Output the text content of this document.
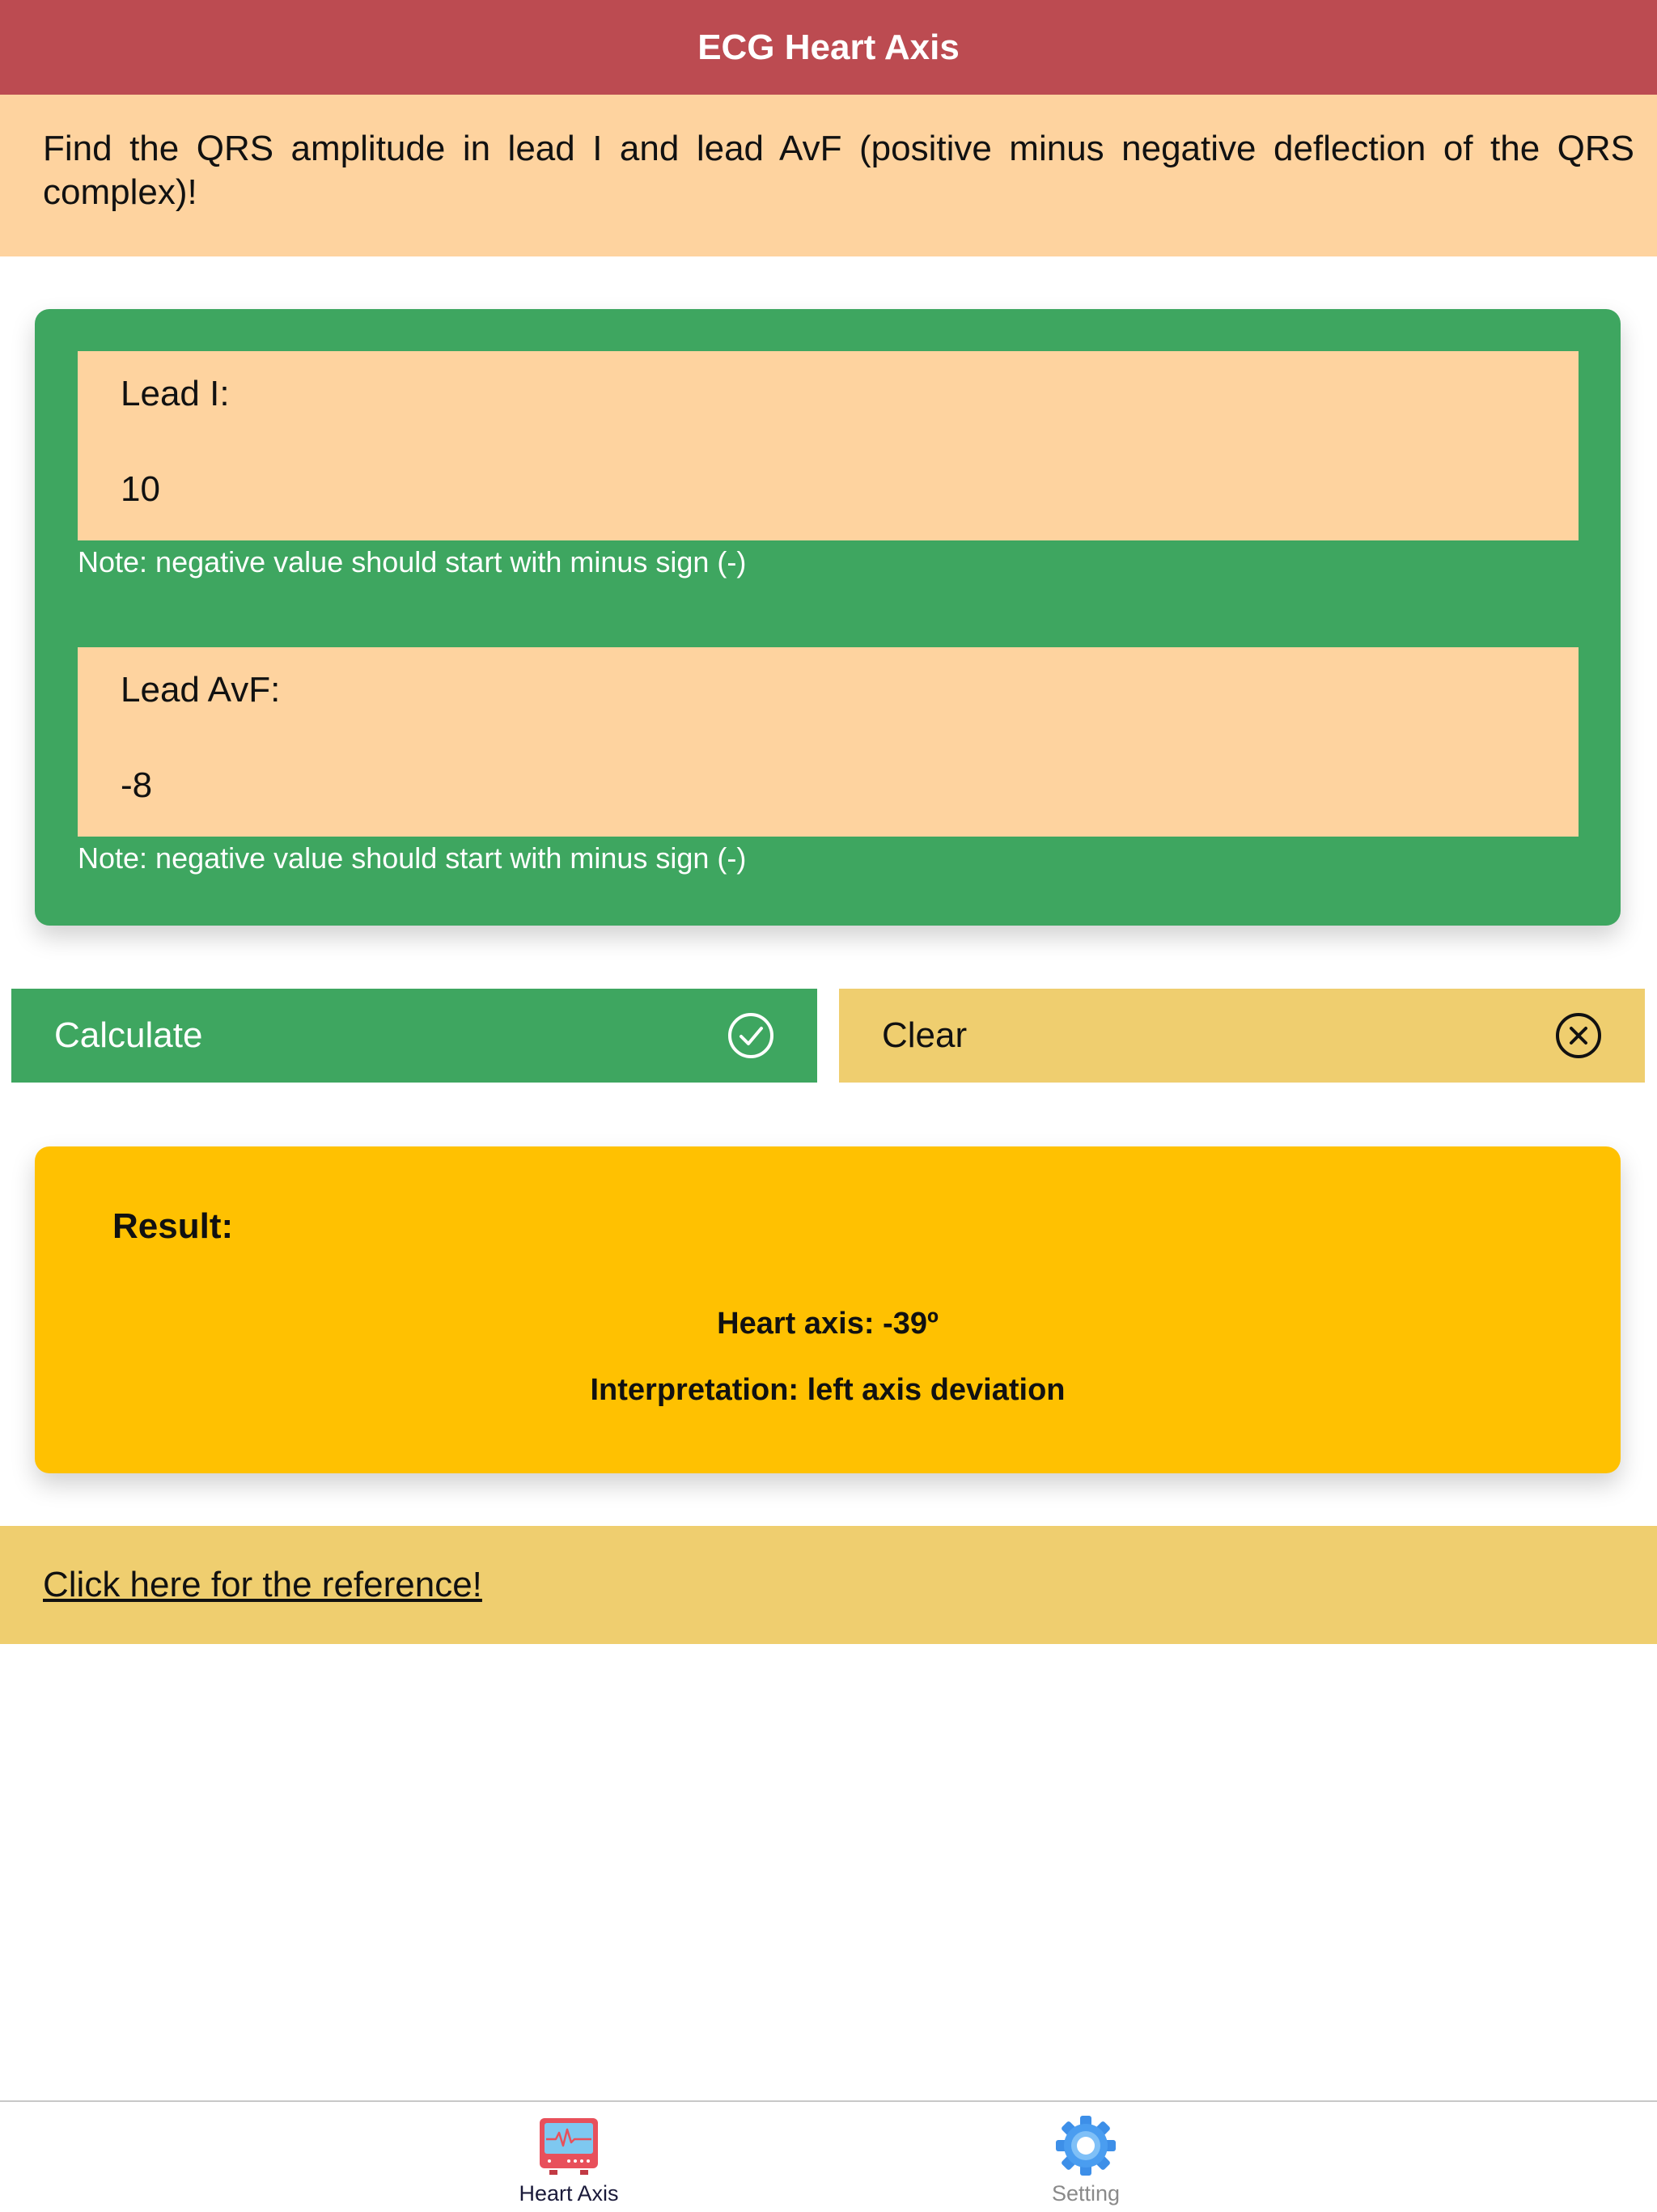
ECG Heart Axis
Find the QRS amplitude in lead I and lead AvF (positive minus negative deflection of the QRS complex)!
Lead I:
10
Note: negative value should start with minus sign (-)
Lead AvF:
-8
Note: negative value should start with minus sign (-)
Calculate	Clear
Result:
Heart axis: -39º
Interpretation: left axis deviation
Click here for the reference!
Heart Axis	Setting
